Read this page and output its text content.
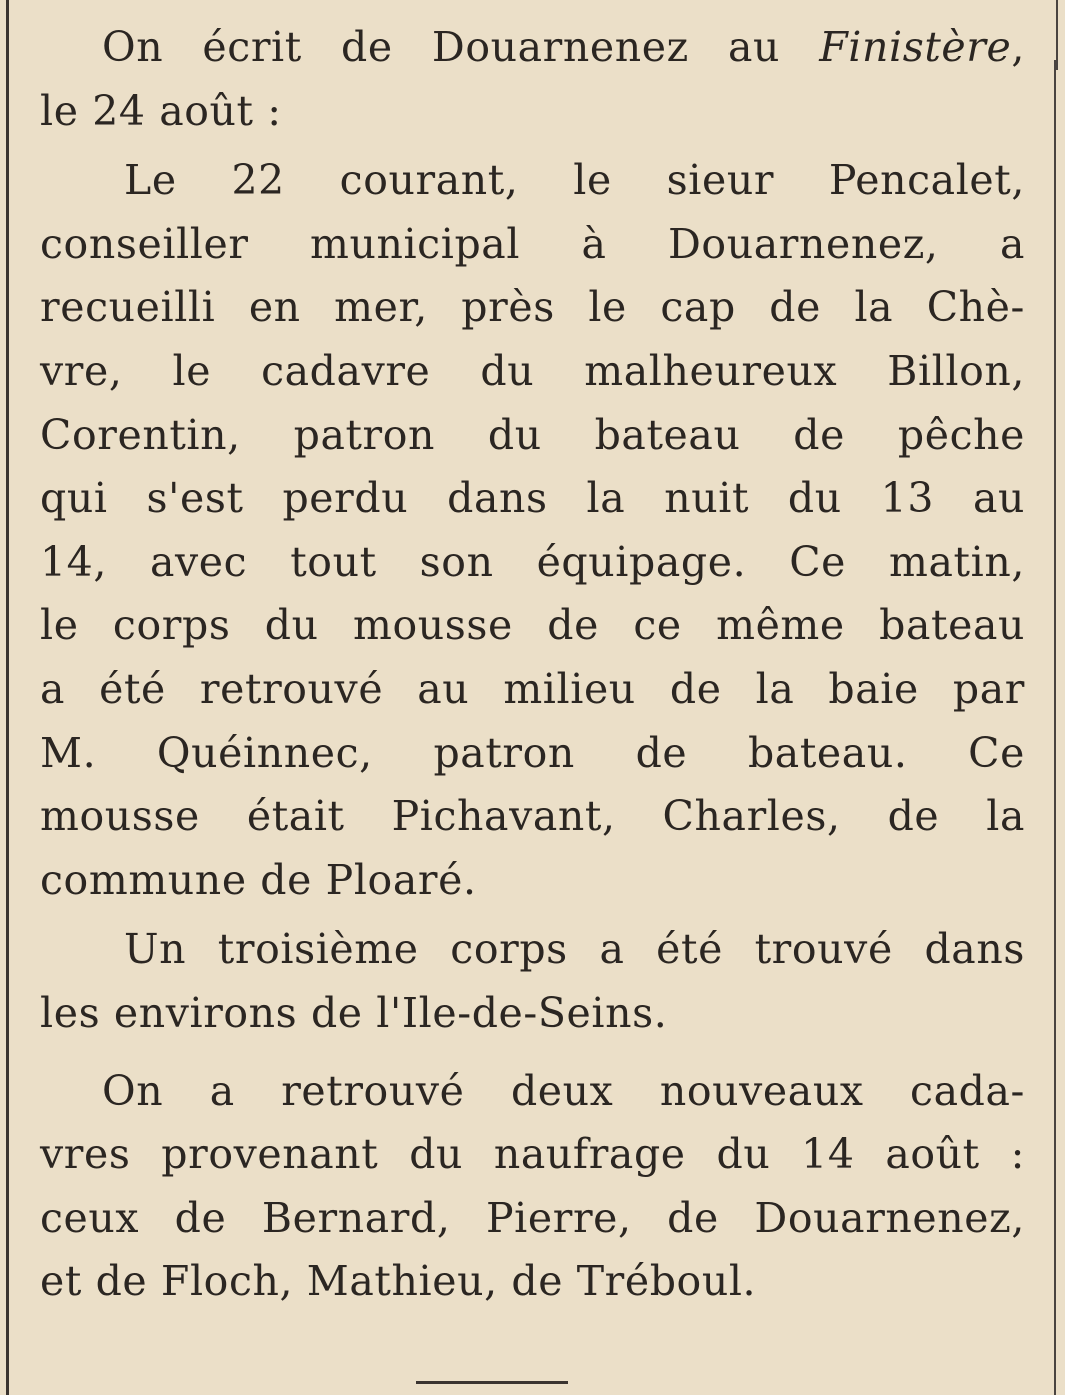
On écrit de Douarnenez au Finistère,
le 24 août :

Le 22 courant, le sieur Pencalet,
conseiller municipal à Douarnenez, a
recueilli en mer, près le cap de la Chè-
vre, le cadavre du malheureux Billon,
Corentin, patron du bateau de pêche
qui s'est perdu dans la nuit du 13 au
14, avec tout son équipage. Ce matin,
le corps du mousse de ce même bateau
a été retrouvé au milieu de la baie par
M. Quéinnec, patron de bateau. Ce
mousse était Pichavant, Charles, de la
commune de Ploaré.

Un troisième corps a été trouvé dans
les environs de l'Ile-de-Seins.

On a retrouvé deux nouveaux cada-
vres provenant du naufrage du 14 août :
ceux de Bernard, Pierre, de Douarnenez,
et de Floch, Mathieu, de Tréboul.
